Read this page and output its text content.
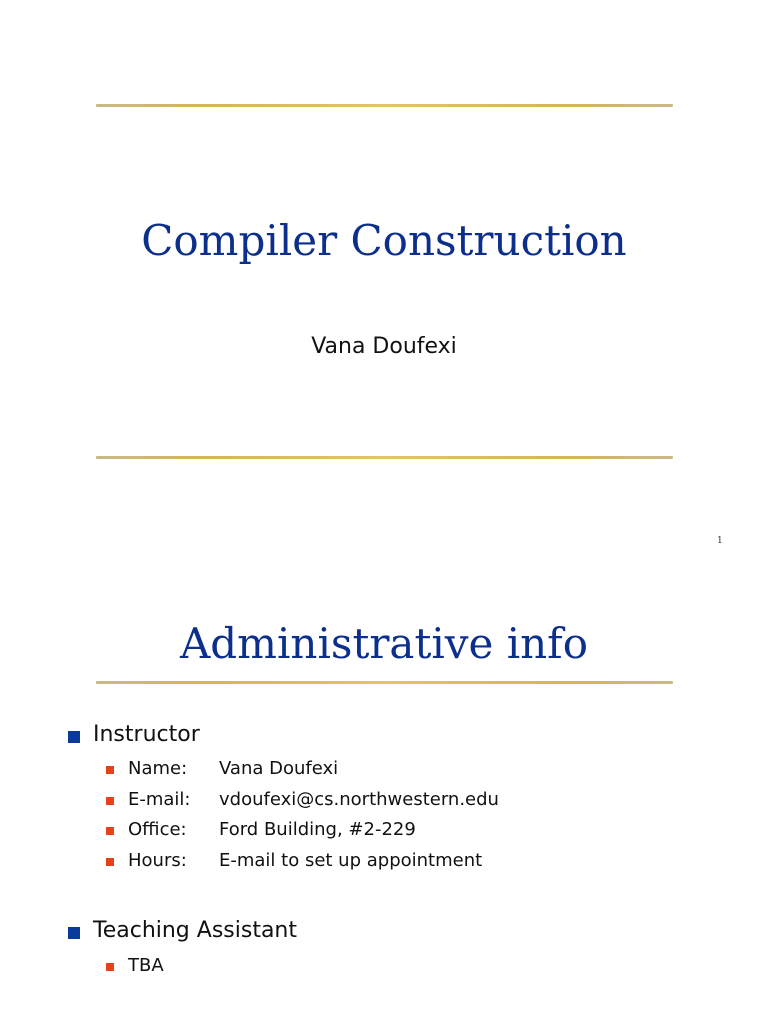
Compiler Construction
Vana Doufexi
1
Administrative info
Instructor
Name: Vana Doufexi
E-mail: vdoufexi@cs.northwestern.edu
Office: Ford Building, #2-229
Hours: E-mail to set up appointment
Teaching Assistant
TBA
